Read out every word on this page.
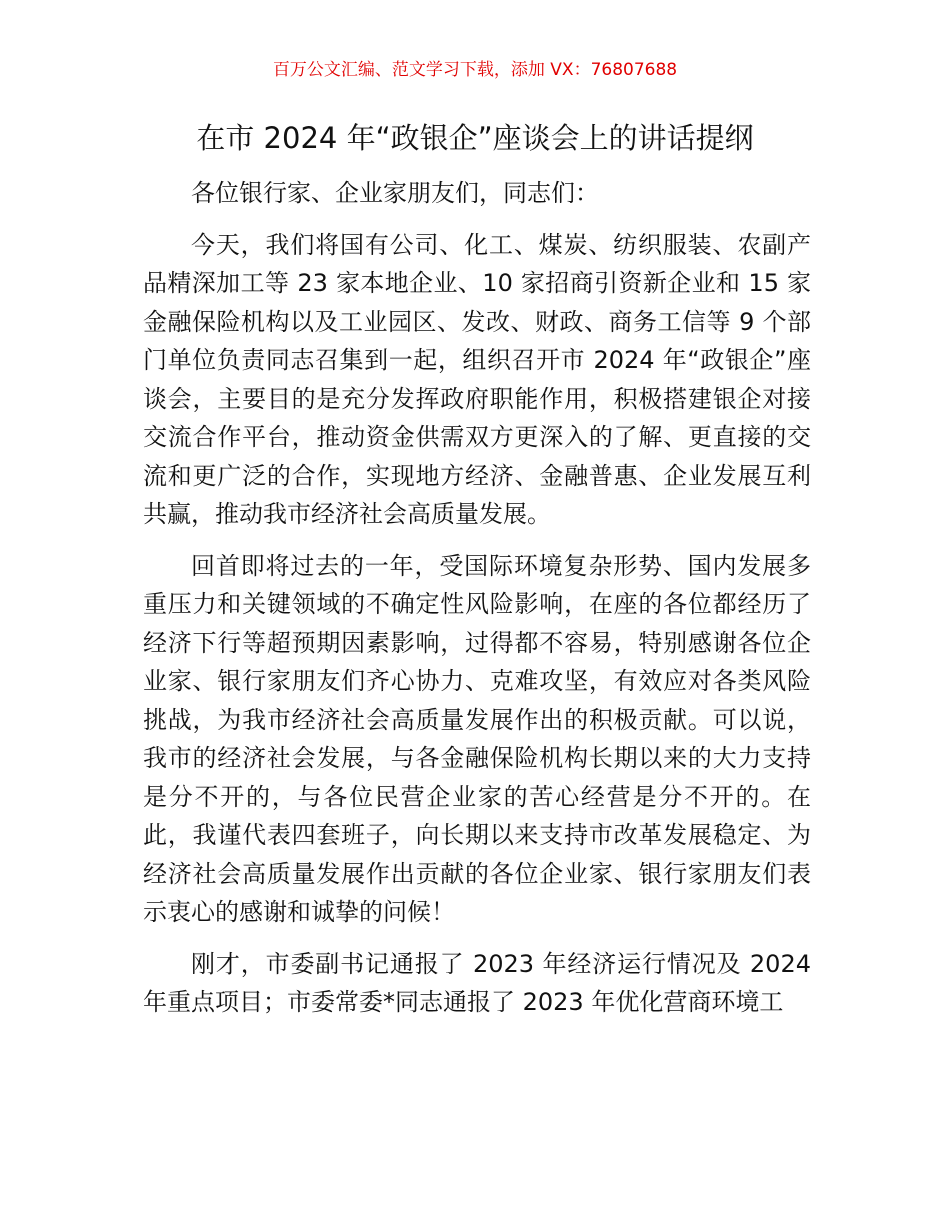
百万公文汇编、范文学习下载，添加 VX：76807688
在市 2024 年“政银企”座谈会上的讲话提纲

各位银行家、企业家朋友们，同志们：

今天，我们将国有公司、化工、煤炭、纺织服装、农副产品精深加工等 23 家本地企业、10 家招商引资新企业和 15 家金融保险机构以及工业园区、发改、财政、商务工信等 9 个部门单位负责同志召集到一起，组织召开市 2024 年“政银企”座谈会，主要目的是充分发挥政府职能作用，积极搭建银企对接交流合作平台，推动资金供需双方更深入的了解、更直接的交流和更广泛的合作，实现地方经济、金融普惠、企业发展互利共赢，推动我市经济社会高质量发展。

回首即将过去的一年，受国际环境复杂形势、国内发展多重压力和关键领域的不确定性风险影响，在座的各位都经历了经济下行等超预期因素影响，过得都不容易，特别感谢各位企业家、银行家朋友们齐心协力、克难攻坚，有效应对各类风险挑战，为我市经济社会高质量发展作出的积极贡献。可以说，我市的经济社会发展，与各金融保险机构长期以来的大力支持是分不开的，与各位民营企业家的苦心经营是分不开的。在此，我谨代表四套班子，向长期以来支持市改革发展稳定、为经济社会高质量发展作出贡献的各位企业家、银行家朋友们表示衷心的感谢和诚挚的问候！

刚才，市委副书记通报了 2023 年经济运行情况及 2024 年重点项目；市委常委*同志通报了 2023 年优化营商环境工
